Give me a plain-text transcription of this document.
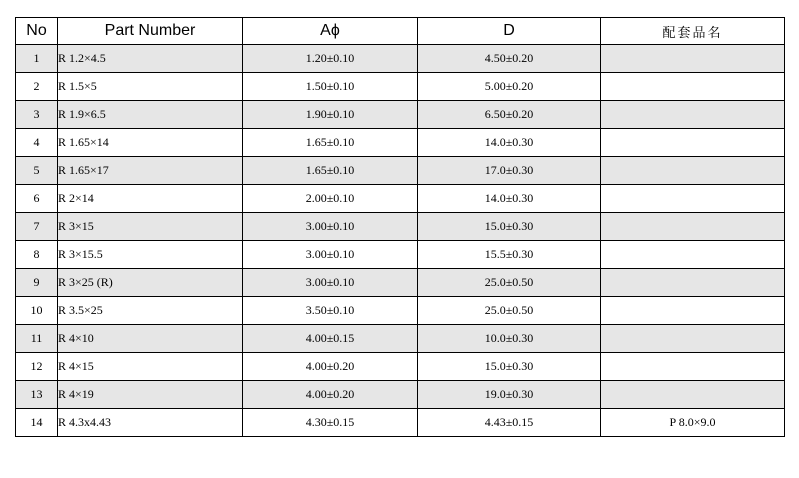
No	Part Number	Aϕ	D	配套品名
1	R 1.2×4.5	1.20±0.10	4.50±0.20	
2	R 1.5×5	1.50±0.10	5.00±0.20	
3	R 1.9×6.5	1.90±0.10	6.50±0.20	
4	R 1.65×14	1.65±0.10	14.0±0.30	
5	R 1.65×17	1.65±0.10	17.0±0.30	
6	R 2×14	2.00±0.10	14.0±0.30	
7	R 3×15	3.00±0.10	15.0±0.30	
8	R 3×15.5	3.00±0.10	15.5±0.30	
9	R 3×25 (R)	3.00±0.10	25.0±0.50	
10	R 3.5×25	3.50±0.10	25.0±0.50	
11	R 4×10	4.00±0.15	10.0±0.30	
12	R 4×15	4.00±0.20	15.0±0.30	
13	R 4×19	4.00±0.20	19.0±0.30	
14	R 4.3x4.43	4.30±0.15	4.43±0.15	P 8.0×9.0
